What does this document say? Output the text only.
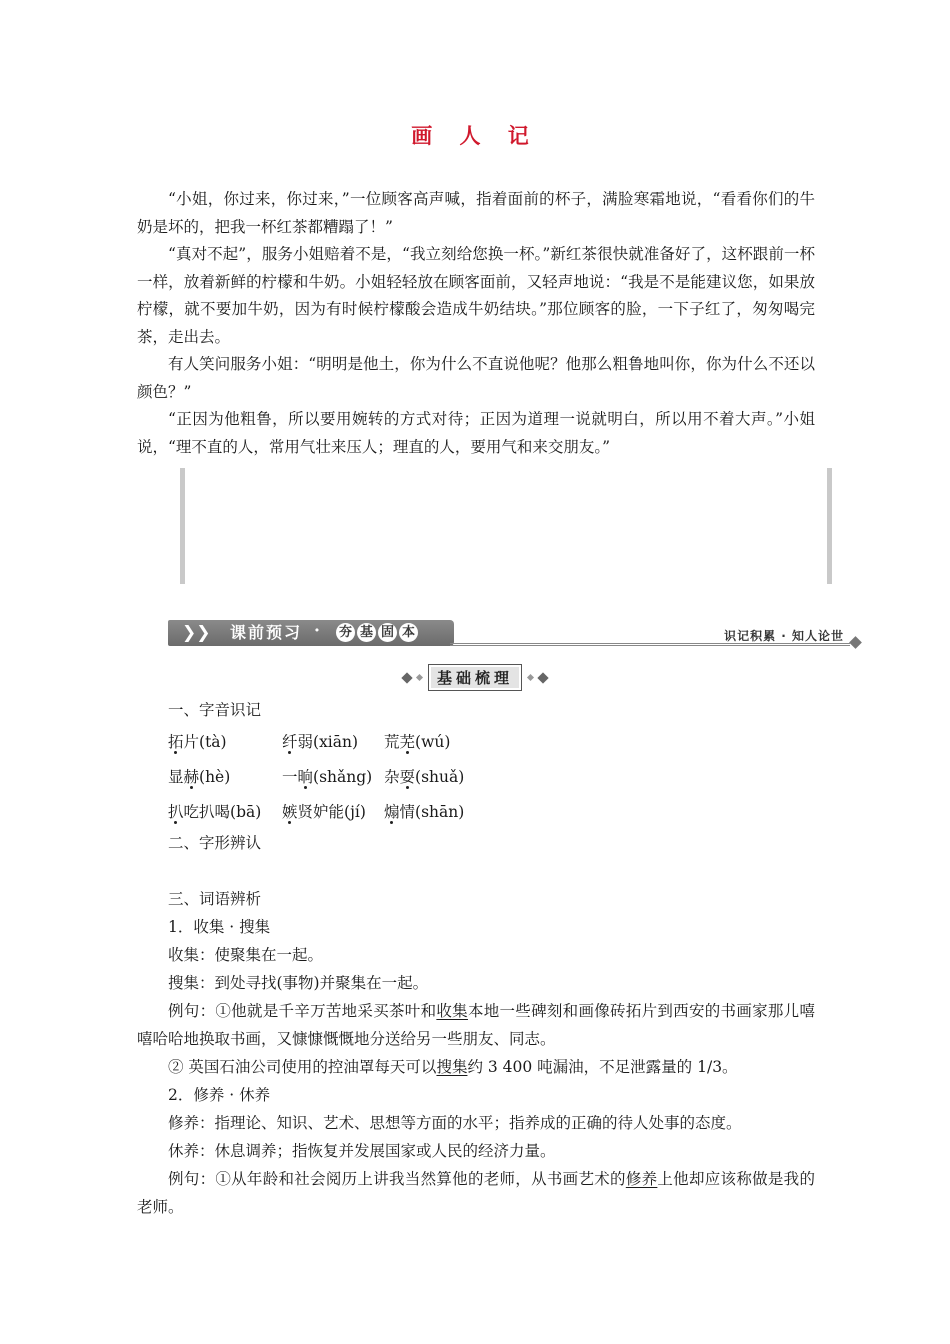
画 人 记

“小姐，你过来，你过来，”一位顾客高声喊，指着面前的杯子，满脸寒霜地说，“看看你们的牛奶是坏的，把我一杯红茶都糟蹋了！”

“真对不起”，服务小姐赔着不是，“我立刻给您换一杯。”新红茶很快就准备好了，这杯跟前一杯一样，放着新鲜的柠檬和牛奶。小姐轻轻放在顾客面前，又轻声地说：“我是不是能建议您，如果放柠檬，就不要加牛奶，因为有时候柠檬酸会造成牛奶结块。”那位顾客的脸，一下子红了，匆匆喝完茶，走出去。

有人笑问服务小姐：“明明是他土，你为什么不直说他呢？他那么粗鲁地叫你，你为什么不还以颜色？”

“正因为他粗鲁，所以要用婉转的方式对待；正因为道理一说就明白，所以用不着大声。”小姐说，“理不直的人，常用气壮来压人；理直的人，要用气和来交朋友。”

❯❯ 课前预习 · 夯 基 固 本	识记积累 · 知人论世
基础梳理

一、字音识记

拓片(tà)	纤弱(xiān) 荒芜(wú)
显赫(hè)	一晌(shǎng) 杂耍(shuǎ)
扒吃扒喝(bā) 嫉贤妒能(jí) 煽情(shān)

二、字形辨认

三、词语辨析

1．收集 · 搜集

收集：使聚集在一起。

搜集：到处寻找(事物)并聚集在一起。

例句：①他就是千辛万苦地采买茶叶和收集本地一些碑刻和画像砖拓片到西安的书画家那儿嘻嘻哈哈地换取书画，又慷慷慨慨地分送给另一些朋友、同志。

② 英国石油公司使用的控油罩每天可以搜集约 3 400 吨漏油，不足泄露量的 1/3。

2．修养 · 休养

修养：指理论、知识、艺术、思想等方面的水平；指养成的正确的待人处事的态度。

休养：休息调养；指恢复并发展国家或人民的经济力量。

例句：①从年龄和社会阅历上讲我当然算他的老师，从书画艺术的修养上他却应该称做是我的老师。
